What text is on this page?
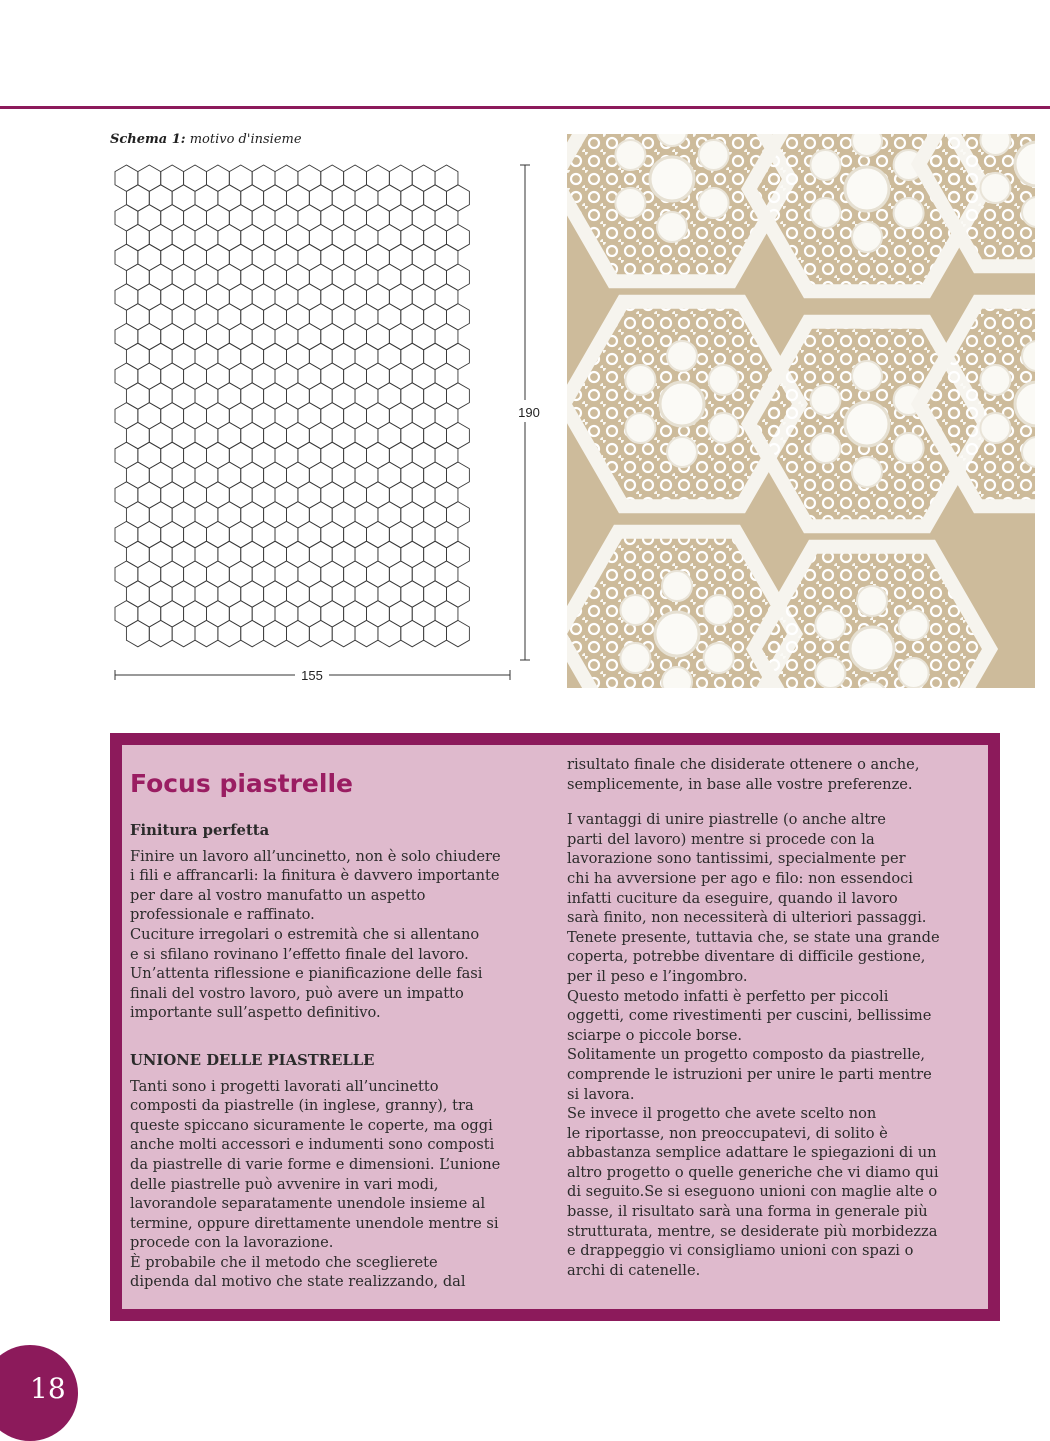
Schema 1: motivo d'insieme
190
155
Focus piastrelle

Finitura perfetta

Finire un lavoro all’uncinetto, non è solo chiudere

i fili e affrancarli: la finitura è davvero importante

per dare al vostro manufatto un aspetto

professionale e raffinato.

Cuciture irregolari o estremità che si allentano

e si sfilano rovinano l’effetto finale del lavoro.

Un’attenta riflessione e pianificazione delle fasi

finali del vostro lavoro, può avere un impatto

importante sull’aspetto definitivo.

UNIONE DELLE PIASTRELLE

Tanti sono i progetti lavorati all’uncinetto

composti da piastrelle (in inglese, granny), tra

queste spiccano sicuramente le coperte, ma oggi

anche molti accessori e indumenti sono composti

da piastrelle di varie forme e dimensioni. L’unione

delle piastrelle può avvenire in vari modi,

lavorandole separatamente unendole insieme al

termine, oppure direttamente unendole mentre si

procede con la lavorazione.

È probabile che il metodo che sceglierete

dipenda dal motivo che state realizzando, dal

risultato finale che disiderate ottenere o anche,

semplicemente, in base alle vostre preferenze.

I vantaggi di unire piastrelle (o anche altre

parti del lavoro) mentre si procede con la

lavorazione sono tantissimi, specialmente per

chi ha avversione per ago e filo: non essendoci

infatti cuciture da eseguire, quando il lavoro

sarà finito, non necessiterà di ulteriori passaggi.

Tenete presente, tuttavia che, se state una grande

coperta, potrebbe diventare di difficile gestione,

per il peso e l’ingombro.

Questo metodo infatti è perfetto per piccoli

oggetti, come rivestimenti per cuscini, bellissime

sciarpe o piccole borse.

Solitamente un progetto composto da piastrelle,

comprende le istruzioni per unire le parti mentre

si lavora.

Se invece il progetto che avete scelto non

le riportasse, non preoccupatevi, di solito è

abbastanza semplice adattare le spiegazioni di un

altro progetto o quelle generiche che vi diamo qui

di seguito.Se si eseguono unioni con maglie alte o

basse, il risultato sarà una forma in generale più

strutturata, mentre, se desiderate più morbidezza

e drappeggio vi consigliamo unioni con spazi o

archi di catenelle.

18
